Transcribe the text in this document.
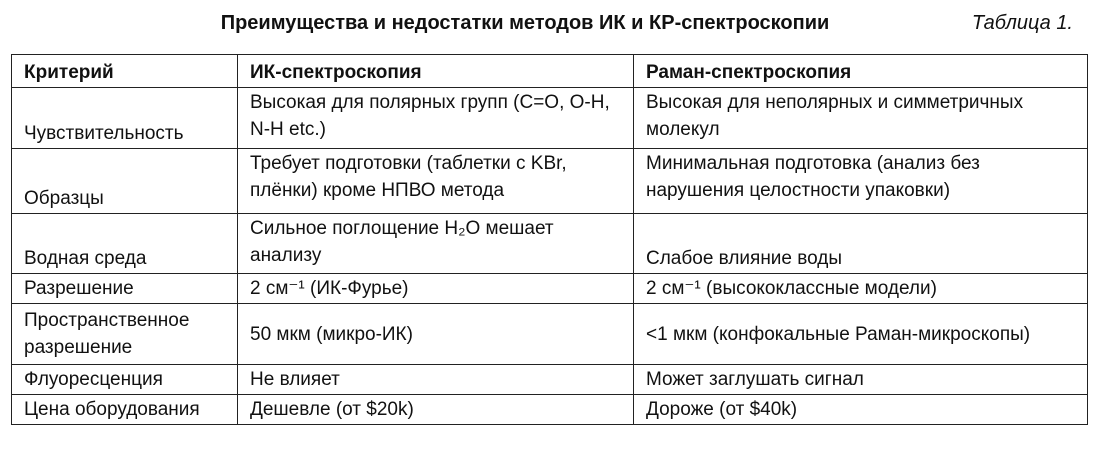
Преимущества и недостатки методов ИК и КР-спектроскопии	Таблица 1.
Критерий	ИК-спектроскопия	Раман-спектроскопия
Чувствительность	Высокая для полярных групп (C=O, O-H, N-H etc.)	Высокая для неполярных и симметричных молекул
Образцы	Требует подготовки (таблетки с KBr, плёнки) кроме НПВО метода	Минимальная подготовка (анализ без нарушения целостности упаковки)
Водная среда	Сильное поглощение H₂O мешает анализу	Слабое влияние воды
Разрешение	2 см⁻¹ (ИК-Фурье)	2 см⁻¹ (высококлассные модели)
Пространственное разрешение	50 мкм (микро-ИК)	<1 мкм (конфокальные Раман-микроскопы)
Флуоресценция	Не влияет	Может заглушать сигнал
Цена оборудования	Дешевле (от $20k)	Дороже (от $40k)
